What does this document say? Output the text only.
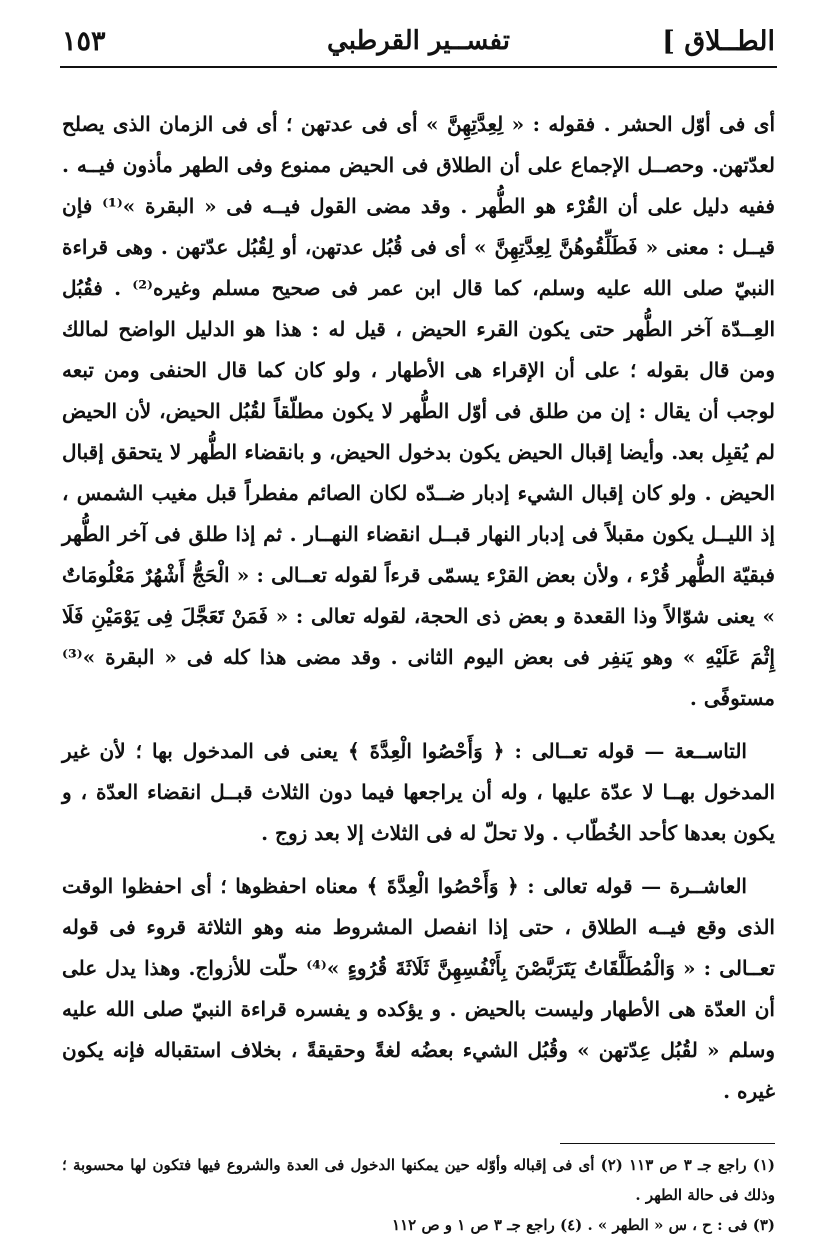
الطــلاق ]
تفســير القرطبي
١٥٣

أى فى أوّل الحشر . فقوله : « لِعِدَّتِهِنَّ » أى فى عدتهن ؛ أى فى الزمان الذى يصلح لعدّتهن. وحصــل الإجماع على أن الطلاق فى الحيض ممنوع وفى الطهر مأذون فيــه . ففيه دليل على أن القُرْء هو الطُّهر . وقد مضى القول فيــه فى « البقرة »⁽¹⁾ فإن قيــل : معنى « فَطَلِّقُوهُنَّ لِعِدَّتِهِنَّ » أى فى قُبُل عدتهن، أو لِقُبُل عدّتهن . وهى قراءة النبيّ صلى الله عليه وسلم، كما قال ابن عمر فى صحيح مسلم وغيره⁽²⁾ . فقُبُل العِــدّة آخر الطُّهر حتى يكون القرء الحيض ، قيل له : هذا هو الدليل الواضح لمالك ومن قال بقوله ؛ على أن الإقراء هى الأطهار ، ولو كان كما قال الحنفى ومن تبعه لوجب أن يقال : إن من طلق فى أوّل الطُّهر لا يكون مطلّقاً لقُبُل الحيض، لأن الحيض لم يُقبِل بعد. وأيضا إقبال الحيض يكون بدخول الحيض، و بانقضاء الطُّهر لا يتحقق إقبال الحيض . ولو كان إقبال الشيء إدبار ضــدّه لكان الصائم مفطراً قبل مغيب الشمس ، إذ الليــل يكون مقبلاً فى إدبار النهار قبــل انقضاء النهــار . ثم إذا طلق فى آخر الطُّهر فبقيّة الطُّهر قُرْء ، ولأن بعض القرْء يسمّى قرءاً لقوله تعــالى : « الْحَجُّ أَشْهُرٌ مَعْلُومَاتٌ » يعنى شوّالاً وذا القعدة و بعض ذى الحجة، لقوله تعالى : « فَمَنْ تَعَجَّلَ فِى يَوْمَيْنِ فَلَا إِثْمَ عَلَيْهِ » وهو يَنفِر فى بعض اليوم الثانى . وقد مضى هذا كله فى « البقرة »⁽³⁾ مستوفًى .

التاســعة — قوله تعــالى : ﴿ وَأَحْصُوا الْعِدَّةَ ﴾ يعنى فى المدخول بها ؛ لأن غير المدخول بهــا لا عدّة عليها ، وله أن يراجعها فيما دون الثلاث قبــل انقضاء العدّة ، و يكون بعدها كأحد الخُطّاب . ولا تحلّ له فى الثلاث إلا بعد زوج .

العاشــرة — قوله تعالى : ﴿ وَأَحْصُوا الْعِدَّةَ ﴾ معناه احفظوها ؛ أى احفظوا الوقت الذى وقع فيــه الطلاق ، حتى إذا انفصل المشروط منه وهو الثلاثة قروء فى قوله تعــالى : « وَالْمُطَلَّقَاتُ يَتَرَبَّصْنَ بِأَنْفُسِهِنَّ ثَلَاثَةَ قُرُوءٍ »⁽⁴⁾ حلّت للأزواج. وهذا يدل على أن العدّة هى الأطهار وليست بالحيض . و يؤكده و يفسره قراءة النبيّ صلى الله عليه وسلم « لقُبُل عِدّتهن » وقُبُل الشيء بعضُه لغةً وحقيقةً ، بخلاف استقباله فإنه يكون غيره .

(١) راجع جـ ٣ ص ١١٣ (٢) أى فى إقباله وأوّله حين يمكنها الدخول فى العدة والشروع فيها فتكون لها محسوبة ؛ وذلك فى حالة الطهر .

(٣) فى : ح ، س « الطهر » . (٤) راجع جـ ٣ ص ١ و ص ١١٢
